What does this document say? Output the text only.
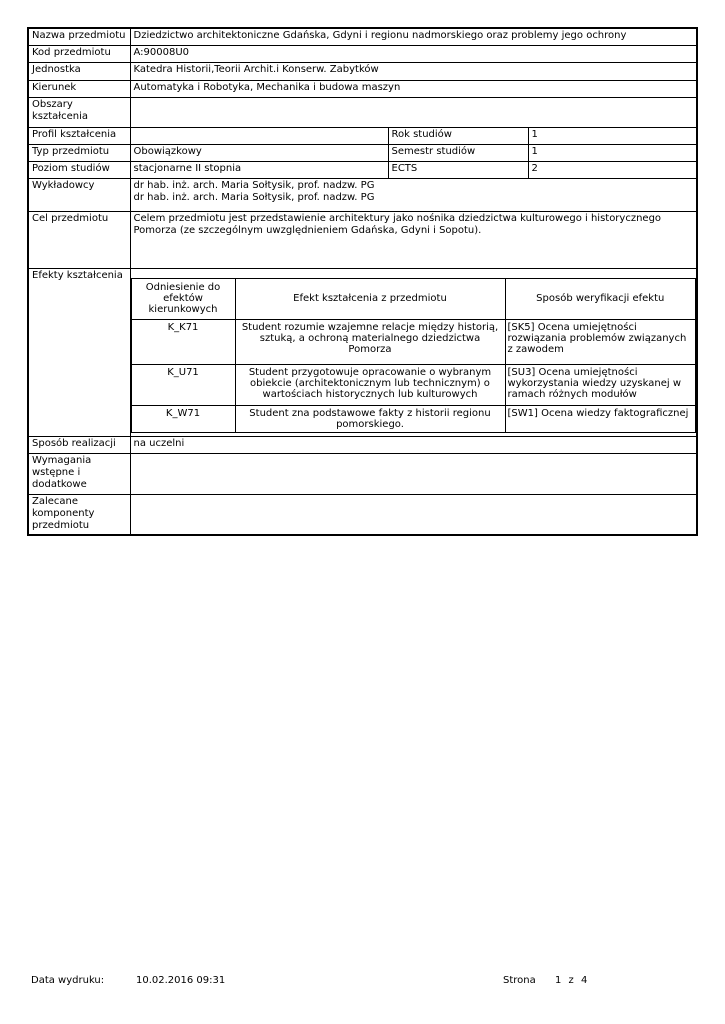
Nazwa przedmiotu	Dziedzictwo architektoniczne Gdańska, Gdyni i regionu nadmorskiego oraz problemy jego ochrony
Kod przedmiotu	A:90008U0
Jednostka	Katedra Historii,Teorii Archit.i Konserw. Zabytków
Kierunek	Automatyka i Robotyka, Mechanika i budowa maszyn
Obszary kształcenia	
Profil kształcenia		Rok studiów	1
Typ przedmiotu	Obowiązkowy	Semestr studiów	1
Poziom studiów	stacjonarne II stopnia	ECTS	2
Wykładowcy	dr hab. inż. arch. Maria Sołtysik, prof. nadzw. PG
dr hab. inż. arch. Maria Sołtysik, prof. nadzw. PG

Cel przedmiotu	Celem przedmiotu jest przedstawienie architektury jako nośnika dziedzictwa kulturowego i historycznego Pomorza (ze szczególnym uwzględnieniem Gdańska, Gdyni i Sopotu).
Efekty kształcenia	
Odniesienie do efektów kierunkowych	Efekt kształcenia z przedmiotu	Sposób weryfikacji efektu
K_K71	Student rozumie wzajemne relacje między historią, sztuką, a ochroną materialnego dziedzictwa Pomorza	[SK5] Ocena umiejętności rozwiązania problemów związanych z zawodem
K_U71	Student przygotowuje opracowanie o wybranym obiekcie (architektonicznym lub technicznym) o wartościach historycznych lub kulturowych	[SU3] Ocena umiejętności wykorzystania wiedzy uzyskanej w ramach różnych modułów
K_W71	Student zna podstawowe fakty z historii regionu pomorskiego.	[SW1] Ocena wiedzy faktograficznej

Sposób realizacji	na uczelni
Wymagania wstępne i dodatkowe	
Zalecane komponenty przedmiotu	
Data wydruku:	10.02.2016 09:31	Strona 1 z 4
